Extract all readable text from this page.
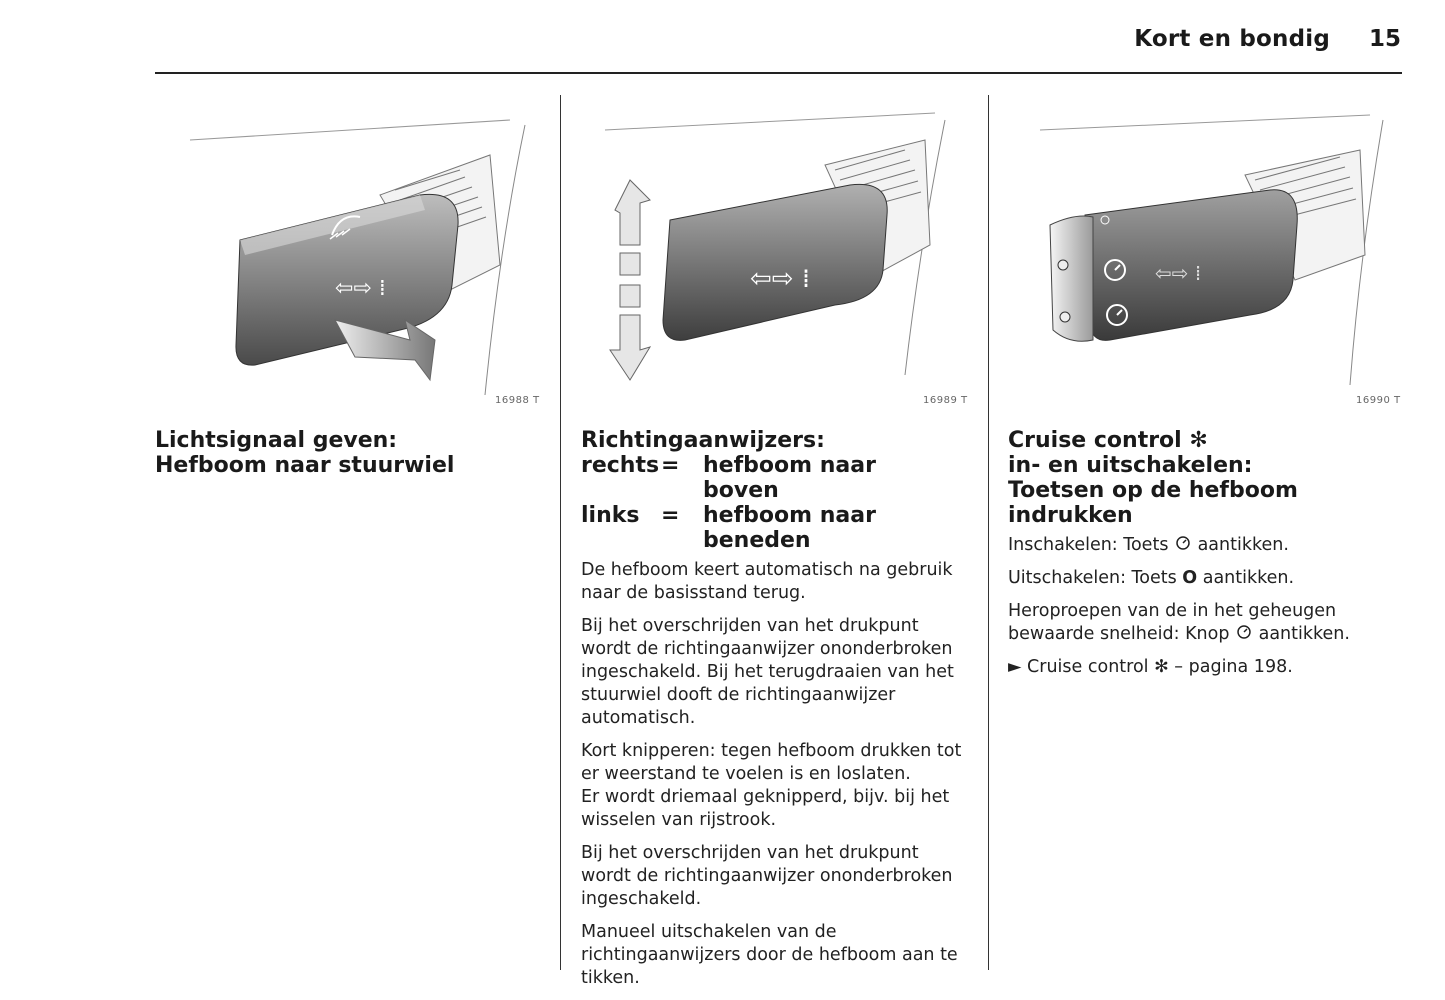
Kort en bondig	15
⇦⇨ ⁞
16988 T
⇦⇨ ⁞
16989 T
⇦⇨ ⁞
16990 T
Lichtsignaal geven:
Hefboom naar stuurwiel
Richtingaanwijzers:
rechts	=	hefboom naar boven
links	=	hefboom naar beneden

De hefboom keert automatisch na gebruik naar de basisstand terug.

Bij het overschrijden van het drukpunt wordt de richtingaanwijzer ononderbroken ingeschakeld. Bij het terugdraaien van het stuurwiel dooft de richtingaanwijzer automatisch.

Kort knipperen: tegen hefboom drukken tot er weerstand te voelen is en loslaten.

Er wordt driemaal geknipperd, bijv. bij het wisselen van rijstrook.

Bij het overschrijden van het drukpunt wordt de richtingaanwijzer ononderbroken ingeschakeld.

Manueel uitschakelen van de richtingaanwijzers door de hefboom aan te tikken.

Cruise control ✻
in- en uitschakelen:
Toetsen op de hefboom indrukken

Inschakelen: Toets  aantikken.

Uitschakelen: Toets O aantikken.

Heroproepen van de in het geheugen bewaarde snelheid: Knop  aantikken.

► Cruise control ✻ – pagina 198.
